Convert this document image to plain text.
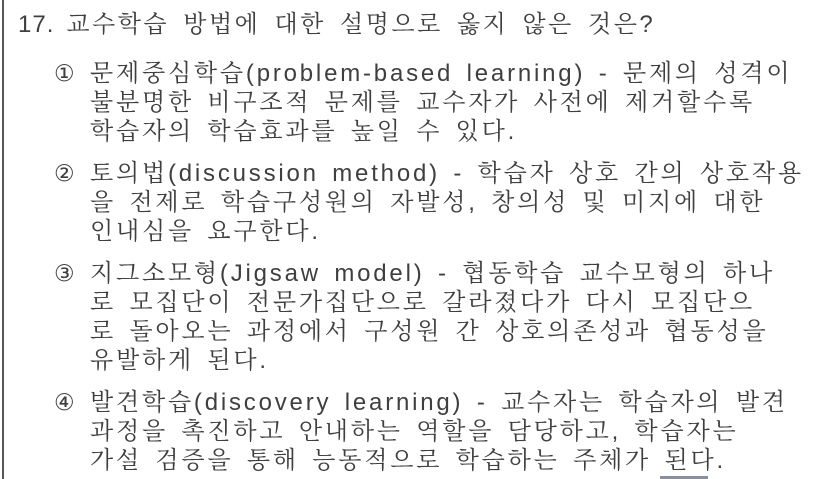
17. 교수학습 방법에 대한 설명으로 옳지 않은 것은?
① 문제중심학습(problem-based learning) - 문제의 성격이
불분명한 비구조적 문제를 교수자가 사전에 제거할수록
학습자의 학습효과를 높일 수 있다.
② 토의법(discussion method) - 학습자 상호 간의 상호작용
을 전제로 학습구성원의 자발성, 창의성 및 미지에 대한
인내심을 요구한다.
③ 지그소모형(Jigsaw model) - 협동학습 교수모형의 하나
로 모집단이 전문가집단으로 갈라졌다가 다시 모집단으
로 돌아오는 과정에서 구성원 간 상호의존성과 협동성을
유발하게 된다.
④ 발견학습(discovery learning) - 교수자는 학습자의 발견
과정을 촉진하고 안내하는 역할을 담당하고, 학습자는
가설 검증을 통해 능동적으로 학습하는 주체가 된다.
